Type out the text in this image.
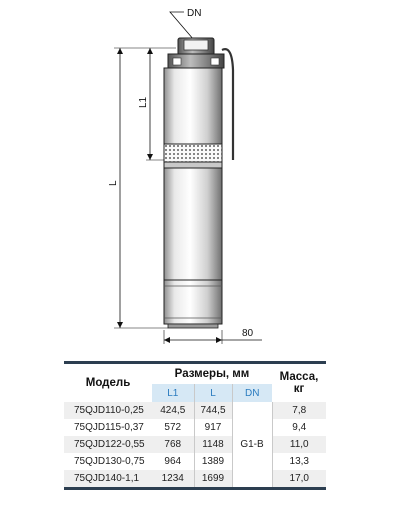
DN
L
L1
80

Модель	Размеры, мм			Масса,
кг

	L1	L	DN	
75QJD110-0,25	424,5	744,5	G1-B	7,8
75QJD115-0,37	572	917		9,4
75QJD122-0,55	768	1148		11,0
75QJD130-0,75	964	1389		13,3
75QJD140-1,1	1234	1699		17,0
